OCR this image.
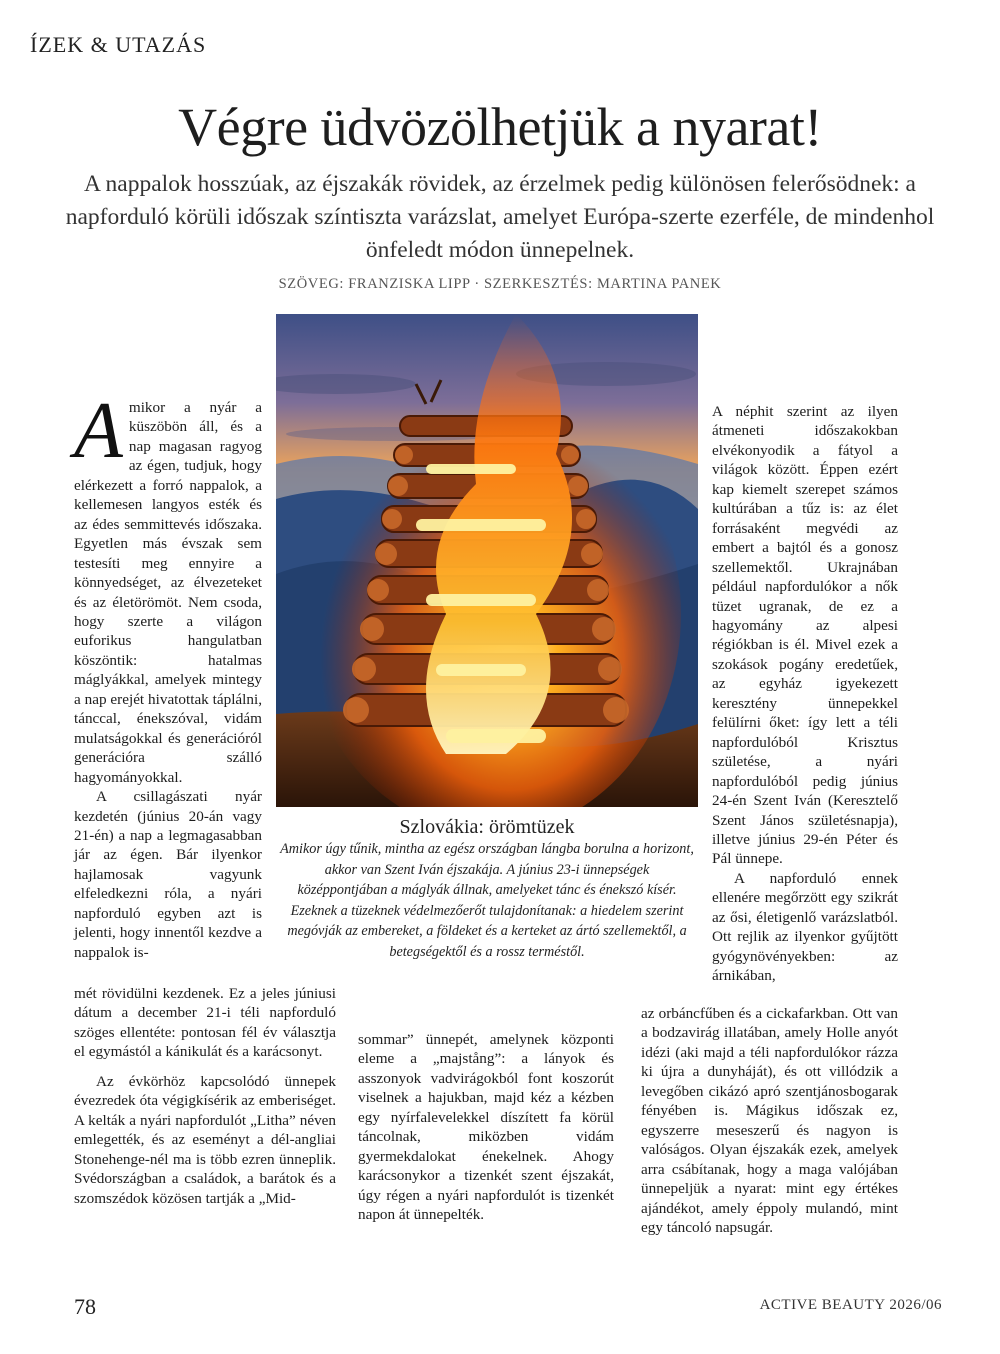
ÍZEK & UTAZÁS
Végre üdvözölhetjük a nyarat!
A nappalok hosszúak, az éjszakák rövidek, az érzelmek pedig különösen felerősödnek: a napforduló körüli időszak színtiszta varázslat, amelyet Európa-szerte ezerféle, de mindenhol önfeledt módon ünnepelnek.
SZÖVEG: FRANZISKA LIPP · SZERKESZTÉS: MARTINA PANEK
Szlovákia: örömtüzek
Amikor úgy tűnik, mintha az egész országban lángba borulna a horizont, akkor van Szent Iván éjszakája. A június 23-i ünnepségek középpontjában a máglyák állnak, amelyeket tánc és énekszó kísér. Ezeknek a tüzeknek védelmezőerőt tulajdonítanak: a hiedelem szerint megóvják az embereket, a földeket és a kerteket az ártó szellemektől, a betegségektől és a rossz terméstől.

Amikor a nyár a küszöbön áll, és a nap magasan ragyog az égen, tudjuk, hogy elérkezett a forró nappalok, a kellemesen langyos esték és az édes semmittevés időszaka. Egyetlen más évszak sem testesíti meg ennyire a könnyedséget, az élvezeteket és az életörömöt. Nem csoda, hogy szerte a világon euforikus hangulatban köszöntik: hatalmas máglyákkal, amelyek mintegy a nap erejét hivatottak táplálni, tánccal, énekszóval, vidám mulatságokkal és generációról generációra szálló hagyományokkal.

A csillagászati nyár kezdetén (június 20-án vagy 21-én) a nap a legmagasabban jár az égen. Bár ilyenkor hajlamosak vagyunk elfeledkezni róla, a nyári napforduló egyben azt is jelenti, hogy innentől kezdve a nappalok is-

mét rövidülni kezdenek. Ez a jeles júniusi dátum a december 21-i téli napforduló szöges ellentéte: pontosan fél év választja el egymástól a kánikulát és a karácsonyt.

Az évkörhöz kapcsolódó ünnepek évezredek óta végigkísérik az emberiséget. A kelták a nyári napfordulót „Litha” néven emlegették, és az eseményt a dél-angliai Stonehenge-nél ma is több ezren ünneplik. Svédországban a családok, a barátok és a szomszédok közösen tartják a „Mid-

sommar” ünnepét, amelynek központi eleme a „majstång”: a lányok és asszonyok vadvirágokból font koszorút viselnek a hajukban, majd kéz a kézben egy nyírfalevelekkel díszített fa körül táncolnak, miközben vidám gyermekdalokat énekelnek. Ahogy karácsonykor a tizenkét szent éjszakát, úgy régen a nyári napfordulót is tizenkét napon át ünnepelték.

A néphit szerint az ilyen átmeneti időszakokban elvékonyodik a fátyol a világok között. Éppen ezért kap kiemelt szerepet számos kultúrában a tűz is: az élet forrásaként megvédi az embert a bajtól és a gonosz szellemektől. Ukrajnában például napfordulókor a nők tüzet ugranak, de ez a hagyomány az alpesi régiókban is él. Mivel ezek a szokások pogány eredetűek, az egyház igyekezett keresztény ünnepekkel felülírni őket: így lett a téli napfordulóból Krisztus születése, a nyári napfordulóból pedig június 24-én Szent Iván (Keresztelő Szent János születésnapja), illetve június 29-én Péter és Pál ünnepe.

A napforduló ennek ellenére megőrzött egy szikrát az ősi, életigenlő varázslatból. Ott rejlik az ilyenkor gyűjtött gyógynövényekben: az árnikában,

az orbáncfűben és a cickafarkban. Ott van a bodzavirág illatában, amely Holle anyót idézi (aki majd a téli napfordulókor rázza ki újra a dunyháját), és ott villódzik a levegőben cikázó apró szentjánosbogarak fényében is. Mágikus időszak ez, egyszerre meseszerű és nagyon is valóságos. Olyan éjszakák ezek, amelyek arra csábítanak, hogy a maga valójában ünnepeljük a nyarat: mint egy értékes ajándékot, amely éppoly mulandó, mint egy táncoló napsugár.

78	ACTIVE BEAUTY 2026/06
